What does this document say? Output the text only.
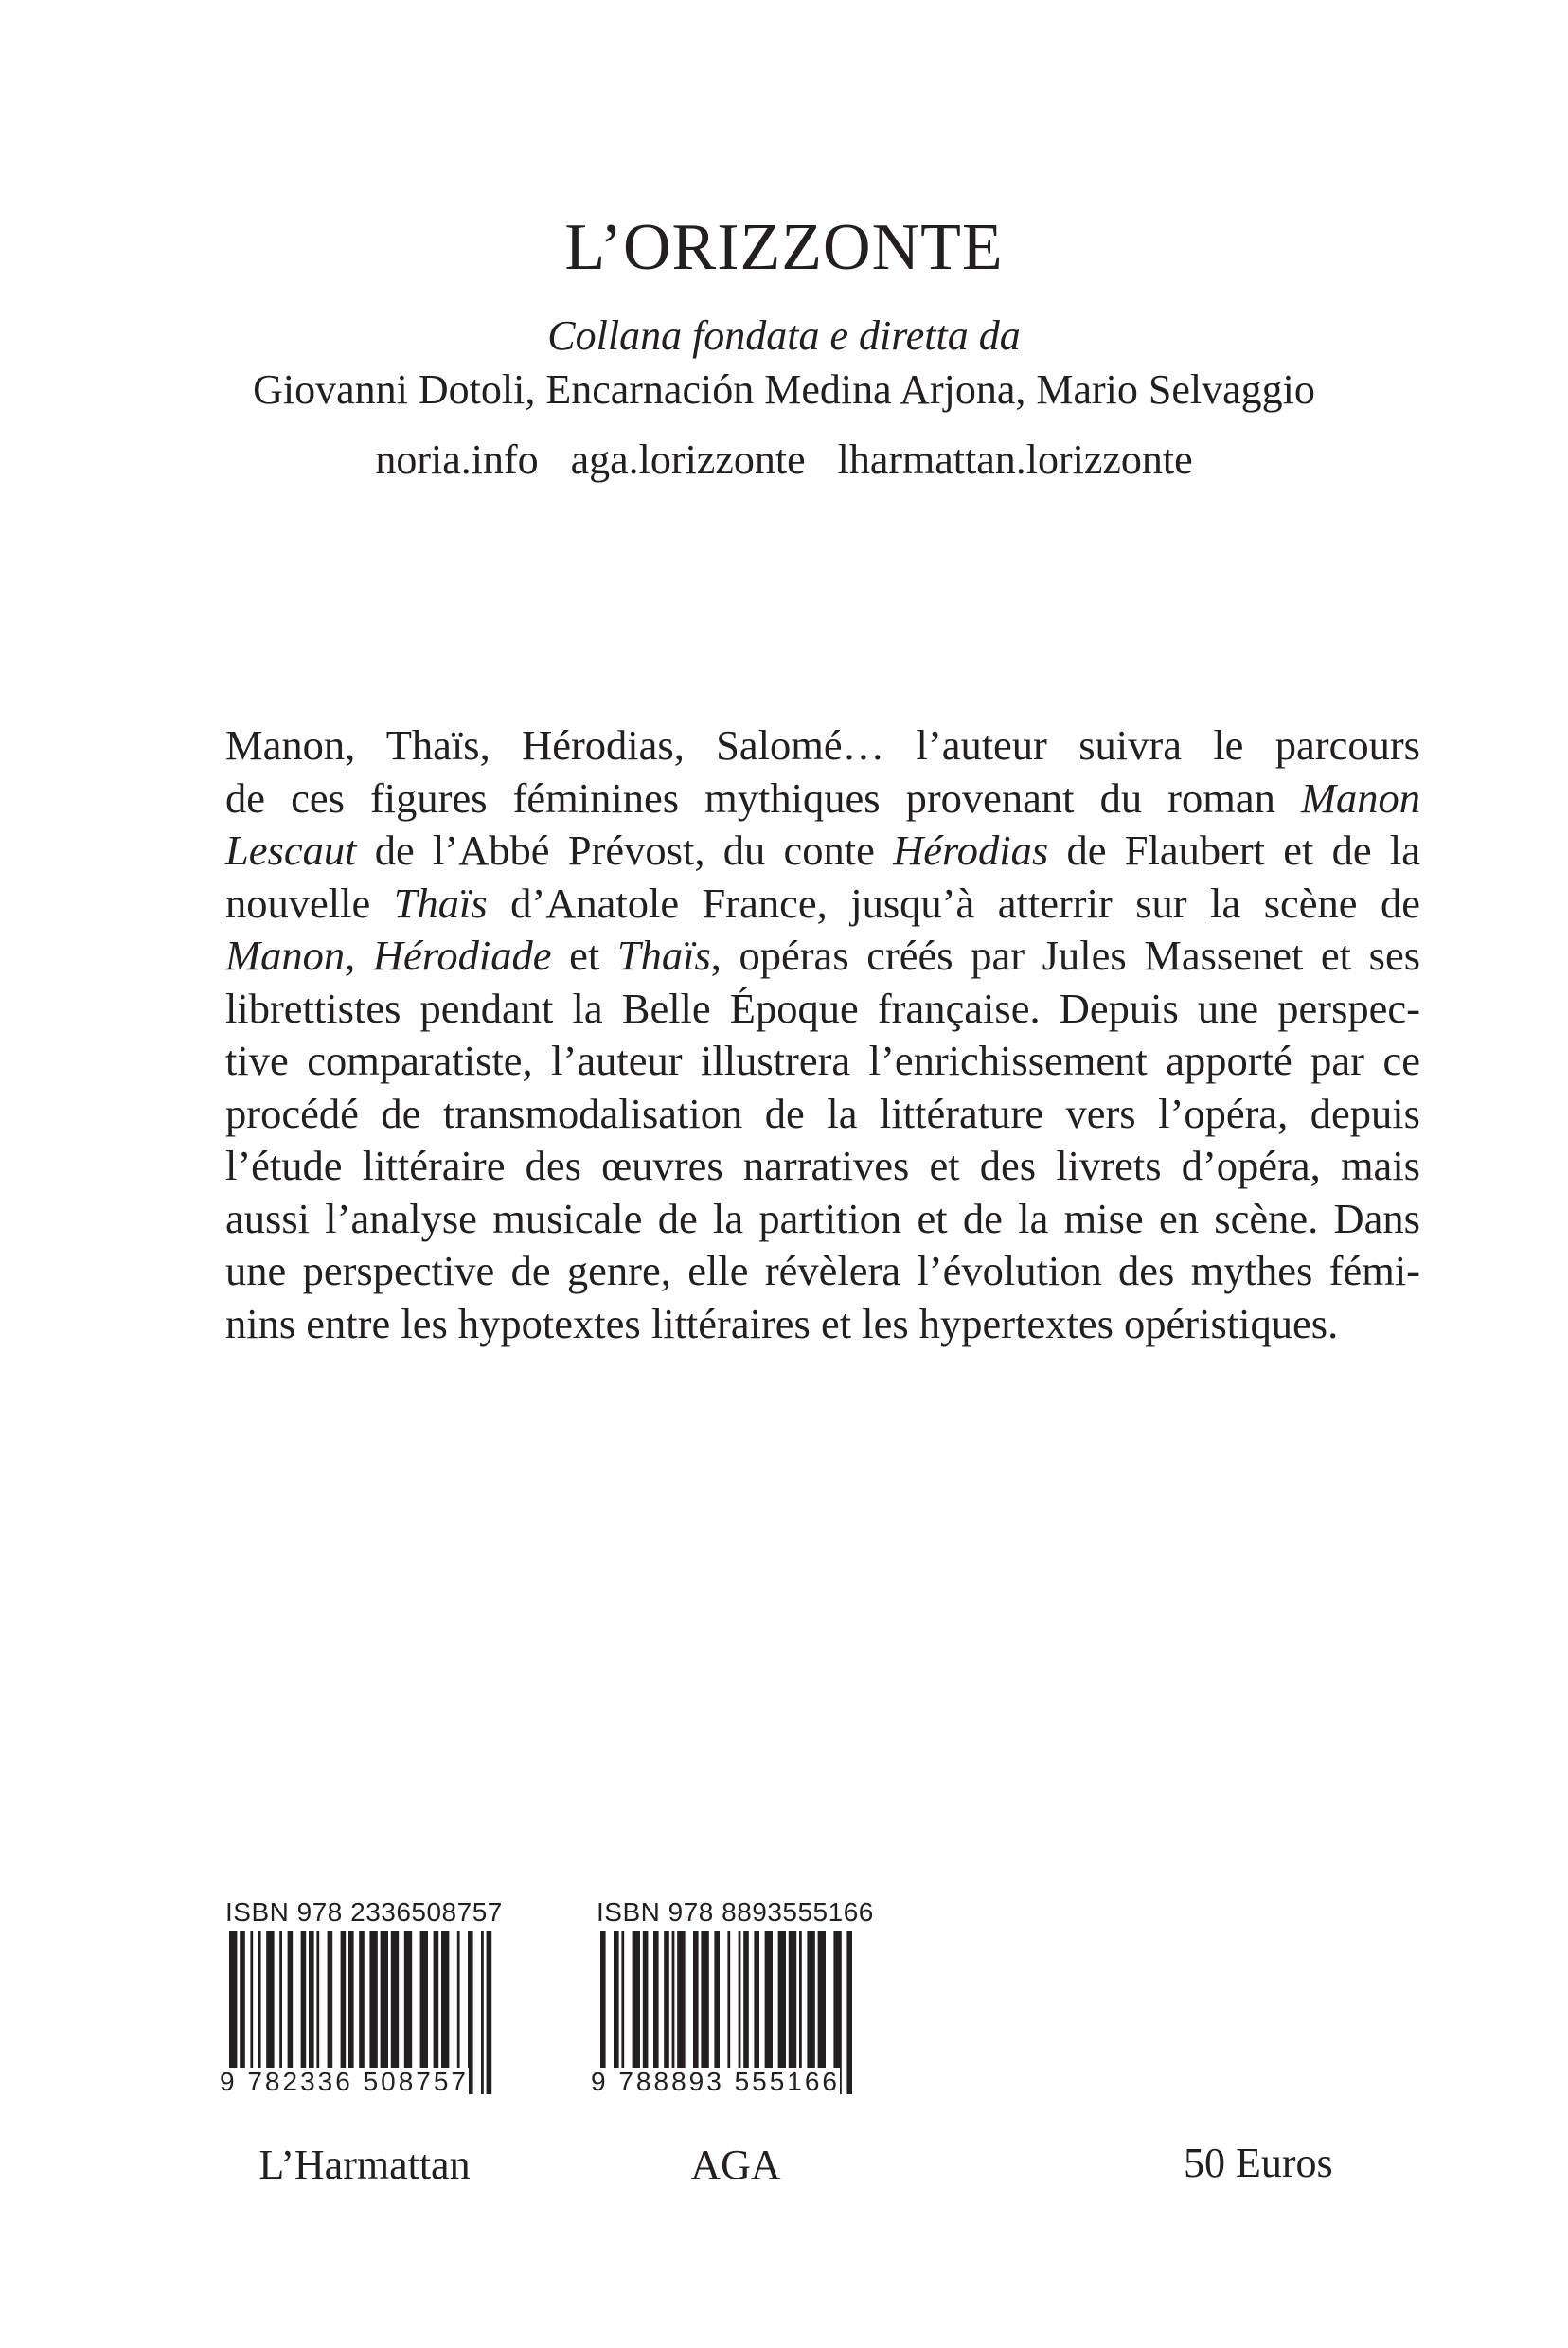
L’ORIZZONTE
Collana fondata e diretta da
Giovanni Dotoli, Encarnación Medina Arjona, Mario Selvaggio
noria.info  aga.lorizzonte  lharmattan.lorizzonte
Manon, Thaïs, Hérodias, Salomé… l’auteur suivra le parcours
de ces figures féminines mythiques provenant du roman Manon
Lescaut de l’Abbé Prévost, du conte Hérodias de Flaubert et de la
nouvelle Thaïs d’Anatole France, jusqu’à atterrir sur la scène de
Manon, Hérodiade et Thaïs, opéras créés par Jules Massenet et ses
librettistes pendant la Belle Époque française. Depuis une perspec-
tive comparatiste, l’auteur illustrera l’enrichissement apporté par ce
procédé de transmodalisation de la littérature vers l’opéra, depuis
l’étude littéraire des œuvres narratives et des livrets d’opéra, mais
aussi l’analyse musicale de la partition et de la mise en scène. Dans
une perspective de genre, elle révèlera l’évolution des mythes fémi-
nins entre les hypotextes littéraires et les hypertextes opéristiques.
ISBN 978 2336508757
9 782336 508757
L’Harmattan
ISBN 978 8893555166
9 788893 555166
AGA	50 Euros
